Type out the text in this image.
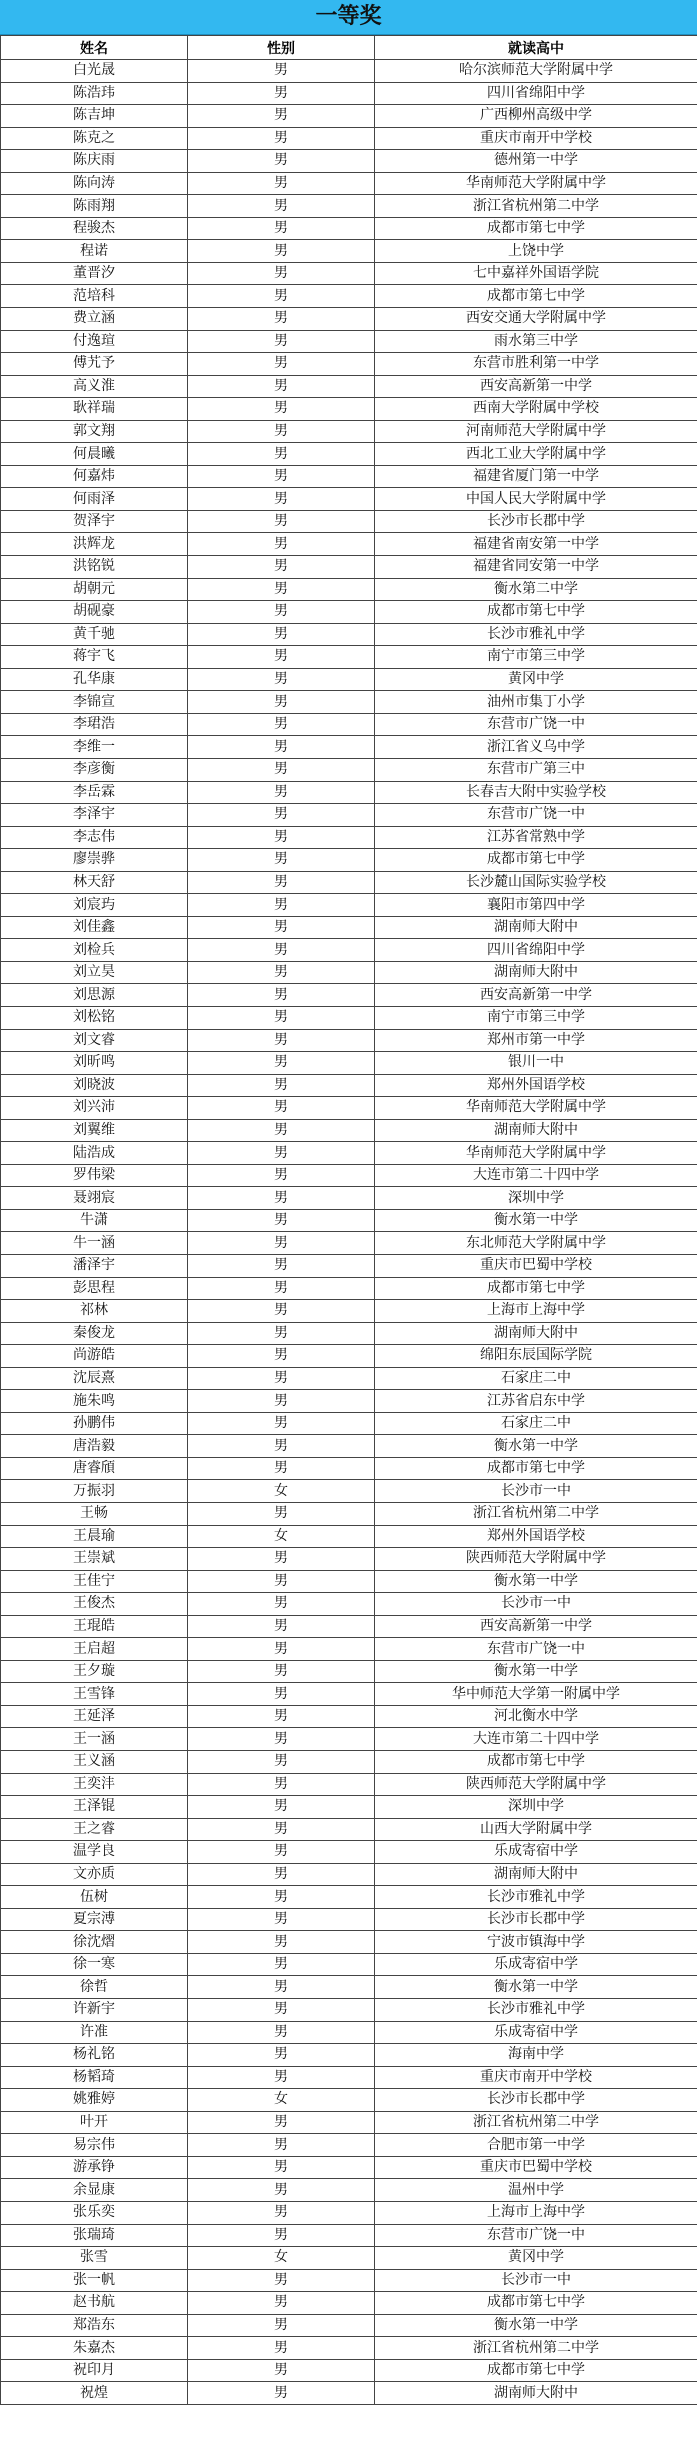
一等奖
姓名	性别	就读高中
白光晟	男	哈尔滨师范大学附属中学
陈浩玮	男	四川省绵阳中学
陈吉坤	男	广西柳州高级中学
陈克之	男	重庆市南开中学校
陈庆雨	男	德州第一中学
陈向涛	男	华南师范大学附属中学
陈雨翔	男	浙江省杭州第二中学
程骏杰	男	成都市第七中学
程诺	男	上饶中学
董晋汐	男	七中嘉祥外国语学院
范培科	男	成都市第七中学
费立涵	男	西安交通大学附属中学
付逸瑄	男	雨水第三中学
傅艽予	男	东营市胜利第一中学
高义淮	男	西安高新第一中学
耿祥瑞	男	西南大学附属中学校
郭文翔	男	河南师范大学附属中学
何晨曦	男	西北工业大学附属中学
何嘉炜	男	福建省厦门第一中学
何雨泽	男	中国人民大学附属中学
贺泽宇	男	长沙市长郡中学
洪辉龙	男	福建省南安第一中学
洪铭锐	男	福建省同安第一中学
胡朝元	男	衡水第二中学
胡砚豪	男	成都市第七中学
黄千驰	男	长沙市雅礼中学
蒋宇飞	男	南宁市第三中学
孔华康	男	黄冈中学
李锦宣	男	油州市集丁小学
李珺浩	男	东营市广饶一中
李维一	男	浙江省义乌中学
李彦衡	男	东营市广第三中
李岳霖	男	长春吉大附中实验学校
李泽宇	男	东营市广饶一中
李志伟	男	江苏省常熟中学
廖崇骅	男	成都市第七中学
林天舒	男	长沙麓山国际实验学校
刘宸玙	男	襄阳市第四中学
刘佳鑫	男	湖南师大附中
刘检兵	男	四川省绵阳中学
刘立昊	男	湖南师大附中
刘思源	男	西安高新第一中学
刘松铭	男	南宁市第三中学
刘文睿	男	郑州市第一中学
刘昕鸣	男	银川一中
刘晓波	男	郑州外国语学校
刘兴沛	男	华南师范大学附属中学
刘翼维	男	湖南师大附中
陆浩成	男	华南师范大学附属中学
罗伟梁	男	大连市第二十四中学
聂翊宸	男	深圳中学
牛潇	男	衡水第一中学
牛一涵	男	东北师范大学附属中学
潘泽宇	男	重庆市巴蜀中学校
彭思程	男	成都市第七中学
祁林	男	上海市上海中学
秦俊龙	男	湖南师大附中
尚游皓	男	绵阳东辰国际学院
沈辰熹	男	石家庄二中
施朱鸣	男	江苏省启东中学
孙鹏伟	男	石家庄二中
唐浩毅	男	衡水第一中学
唐睿頎	男	成都市第七中学
万振羽	女	长沙市一中
王畅	男	浙江省杭州第二中学
王晨瑜	女	郑州外国语学校
王崇斌	男	陕西师范大学附属中学
王佳宁	男	衡水第一中学
王俊杰	男	长沙市一中
王琨皓	男	西安高新第一中学
王启超	男	东营市广饶一中
王夕璇	男	衡水第一中学
王雪锋	男	华中师范大学第一附属中学
王延泽	男	河北衡水中学
王一涵	男	大连市第二十四中学
王义涵	男	成都市第七中学
王奕沣	男	陕西师范大学附属中学
王泽锟	男	深圳中学
王之睿	男	山西大学附属中学
温学良	男	乐成寄宿中学
文亦质	男	湖南师大附中
伍树	男	长沙市雅礼中学
夏宗溥	男	长沙市长郡中学
徐沈熠	男	宁波市镇海中学
徐一寒	男	乐成寄宿中学
徐哲	男	衡水第一中学
许新宇	男	长沙市雅礼中学
许准	男	乐成寄宿中学
杨礼铭	男	海南中学
杨韬琦	男	重庆市南开中学校
姚雅婷	女	长沙市长郡中学
叶开	男	浙江省杭州第二中学
易宗伟	男	合肥市第一中学
游承铮	男	重庆市巴蜀中学校
余显康	男	温州中学
张乐奕	男	上海市上海中学
张瑞琦	男	东营市广饶一中
张雪	女	黄冈中学
张一帆	男	长沙市一中
赵书航	男	成都市第七中学
郑浩东	男	衡水第一中学
朱嘉杰	男	浙江省杭州第二中学
祝印月	男	成都市第七中学
祝煌	男	湖南师大附中
